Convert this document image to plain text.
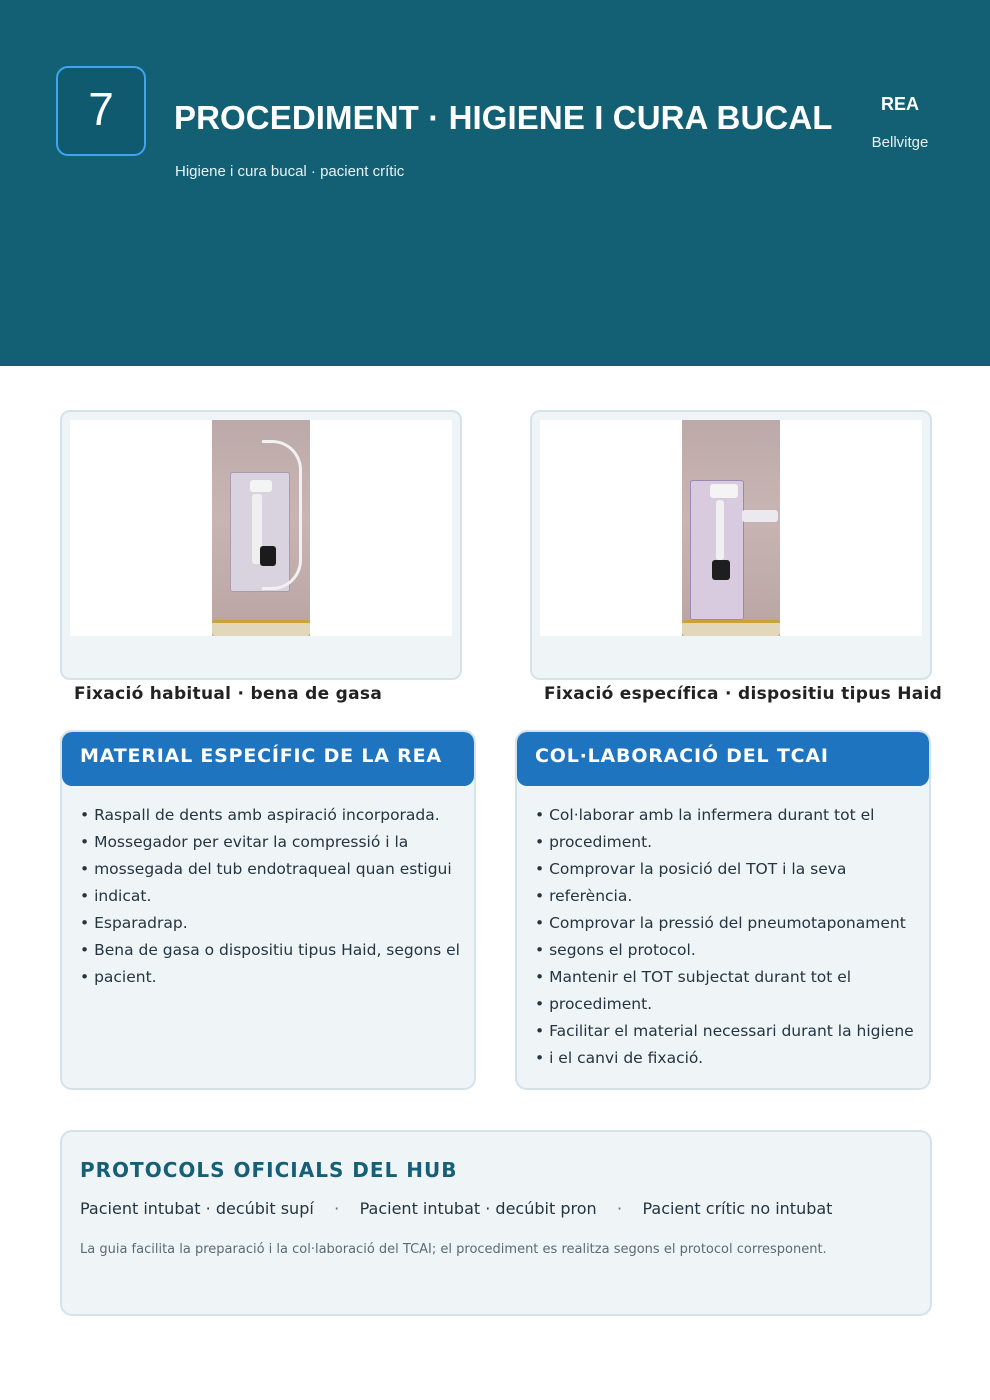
7	PROCEDIMENT · HIGIENE I CURA BUCAL
Higiene i cura bucal · pacient crític
REA
Bellvitge
Fixació habitual · bena de gasa	Fixació específica · dispositiu tipus Haid
MATERIAL ESPECÍFIC DE LA REA
• Raspall de dents amb aspiració incorporada.
• Mossegador per evitar la compressió i la
• mossegada del tub endotraqueal quan estigui
• indicat.
• Esparadrap.
• Bena de gasa o dispositiu tipus Haid, segons el
• pacient.
COL·LABORACIÓ DEL TCAI
• Col·laborar amb la infermera durant tot el
• procediment.
• Comprovar la posició del TOT i la seva
• referència.
• Comprovar la pressió del pneumotaponament
• segons el protocol.
• Mantenir el TOT subjectat durant tot el
• procediment.
• Facilitar el material necessari durant la higiene
• i el canvi de fixació.
PROTOCOLS OFICIALS DEL HUB
Pacient intubat · decúbit supí · Pacient intubat · decúbit pron · Pacient crític no intubat
La guia facilita la preparació i la col·laboració del TCAI; el procediment es realitza segons el protocol corresponent.
